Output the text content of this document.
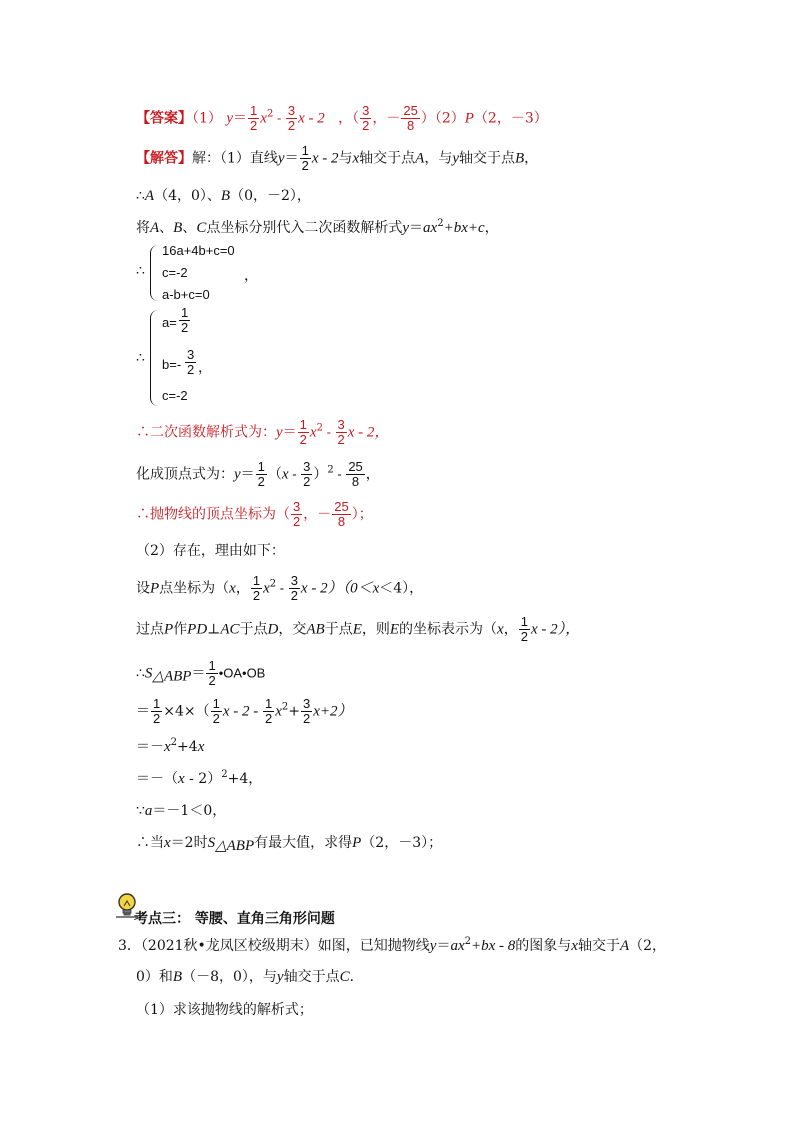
【答案】（1） $y= \frac{1}{2} x^2 - \frac{3}{2}$ x - 2 ，（ $\frac{3}{2}$ ，－ $\frac{25}{8} )(2)P(2$，－3）
【解答】解：（1）直线$y= \frac{1}{2}$ x - 2与x轴交于点A，与y轴交于点B，
∴A（4，0）、B（0，－2），
将A、B、C点坐标分别代入二次函数解析式$y=ax^2+bx+c$，
∴
16a+4b+c=0
c=-2	，
a-b+c=0
∴
$a= \frac{1}{2}$
$b=- \frac{3}{2}$ ，
c=-2
∴二次函数解析式为：$y= \frac{1}{2} x^2 - \frac{3}{2}$ x - 2，
化成顶点式为：$y= \frac{1}{2} (x - \frac{3}{2} )^2 - \frac{25}{8}$ ，
∴抛物线的顶点坐标为（ $\frac{3}{2}$ ，－ $\frac{25}{8}$ ）；
（2）存在，理由如下：
设P点坐标为（x， $\frac{1}{2} x^2 - \frac{3}{2}$ x - 2）（0＜x＜4），
过点P作PD⊥AC于点D，交AB于点E，则E的坐标表示为（x， $\frac{1}{2}$ x - 2），
$\therefore S_{\triangle ABP}= \frac{1}{2}$ •OA•OB
＝ $\frac{1}{2} \times 4\times( \frac{1}{2}$ $x - 2 - \frac{1}{2} x^2+ \frac{3}{2} x+2$）
$=-x^2+4x$
＝－（x - 2）$^2$+4，
∵a＝－1＜0，
∴当x＝2时$S_{\triangle ABP}$有最大值，求得P（2，－3）；
考点三： 等腰、直角三角形问题
3．（2021秋•龙凤区校级期末）如图，已知抛物线$y=ax^2+bx - 8$的图象与x轴交于A（2，
0）和B（－8，0），与y轴交于点C．
（1）求该抛物线的解析式；
